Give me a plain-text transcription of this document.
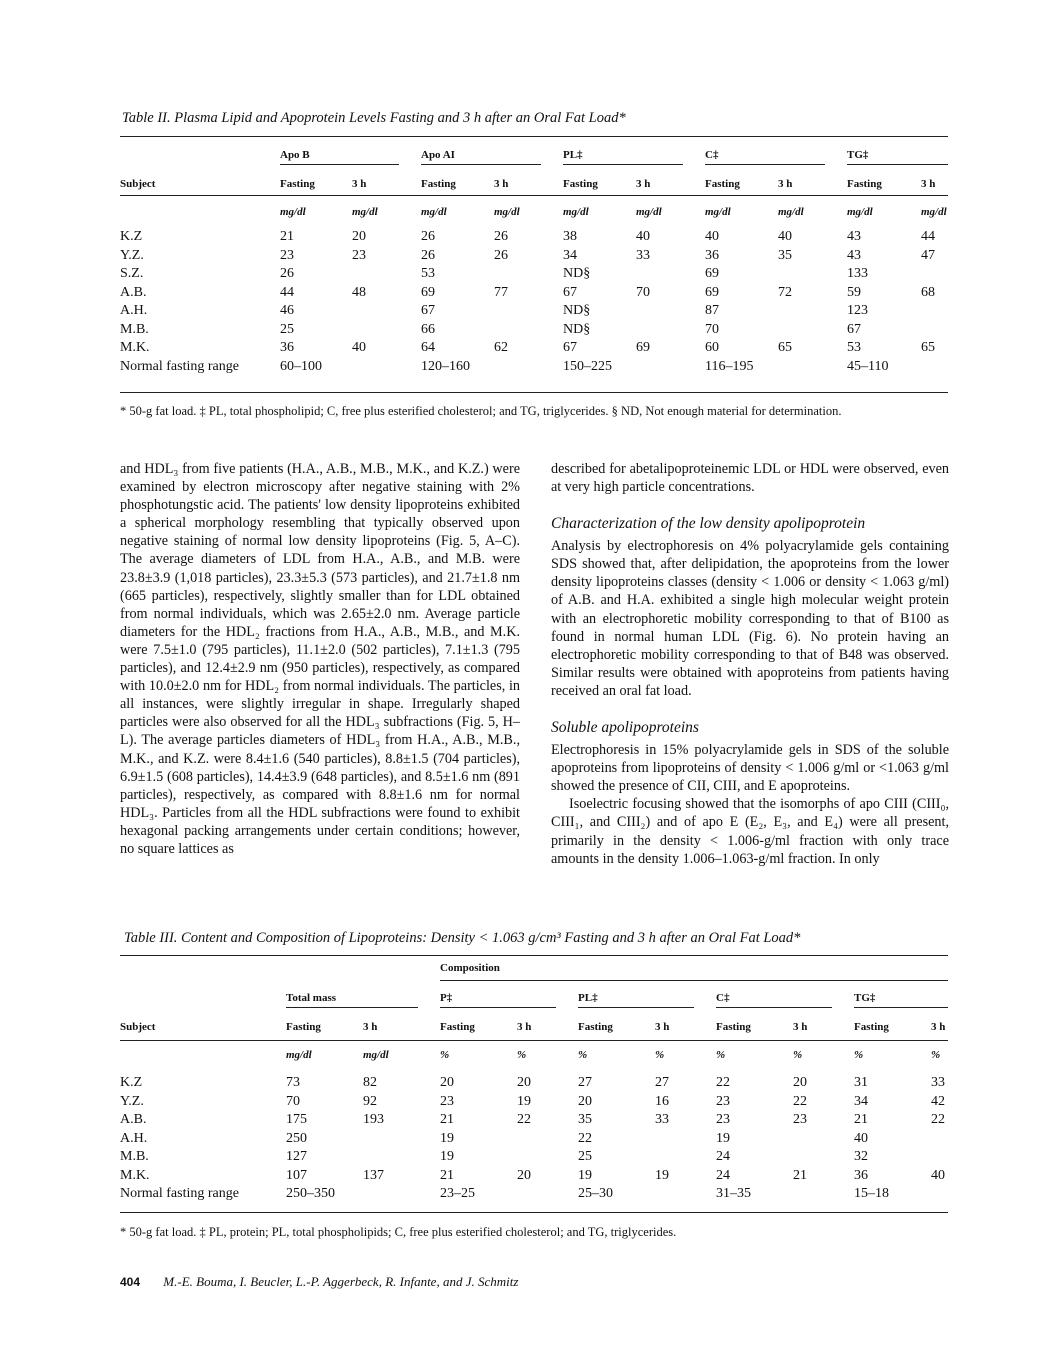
Table II. Plasma Lipid and Apoprotein Levels Fasting and 3 h after an Oral Fat Load*

	Apo B		Apo AI		PL‡		C‡		TG‡	

Subject	Fasting	3 h	Fasting	3 h	Fasting	3 h	Fasting	3 h	Fasting	3 h
	mg/dl	mg/dl	mg/dl	mg/dl	mg/dl	mg/dl	mg/dl	mg/dl	mg/dl	mg/dl

K.Z	21	20	26	26	38	40	40	40	43	44
Y.Z.	23	23	26	26	34	33	36	35	43	47
S.Z.	26		53		ND§		69		133	
A.B.	44	48	69	77	67	70	69	72	59	68
A.H.	46		67		ND§		87		123	
M.B.	25		66		ND§		70		67	
M.K.	36	40	64	62	67	69	60	65	53	65
Normal fasting range	60–100		120–160		150–225		116–195		45–110	
* 50-g fat load. ‡ PL, total phospholipid; C, free plus esterified cholesterol; and TG, triglycerides. § ND, Not enough material for determination.

and HDL₃ from five patients (H.A., A.B., M.B., M.K., and K.Z.) were examined by electron microscopy after negative staining with 2% phosphotungstic acid. The patients' low density lipoproteins exhibited a spherical morphology resembling that typically observed upon negative staining of normal low density lipoproteins (Fig. 5, A–C). The average diameters of LDL from H.A., A.B., and M.B. were 23.8±3.9 (1,018 particles), 23.3±5.3 (573 particles), and 21.7±1.8 nm (665 particles), respectively, slightly smaller than for LDL obtained from normal individuals, which was 2.65±2.0 nm. Average particle diameters for the HDL₂ fractions from H.A., A.B., M.B., and M.K. were 7.5±1.0 (795 particles), 11.1±2.0 (502 particles), 7.1±1.3 (795 particles), and 12.4±2.9 nm (950 particles), respectively, as compared with 10.0±2.0 nm for HDL₂ from normal individuals. The particles, in all instances, were slightly irregular in shape. Irregularly shaped particles were also observed for all the HDL₃ subfractions (Fig. 5, H–L). The average particles diameters of HDL₃ from H.A., A.B., M.B., M.K., and K.Z. were 8.4±1.6 (540 particles), 8.8±1.5 (704 particles), 6.9±1.5 (608 particles), 14.4±3.9 (648 particles), and 8.5±1.6 nm (891 particles), respectively, as compared with 8.8±1.6 nm for normal HDL₃. Particles from all the HDL subfractions were found to exhibit hexagonal packing arrangements under certain conditions; however, no square lattices as

described for abetalipoproteinemic LDL or HDL were observed, even at very high particle concentrations.

Characterization of the low density apolipoprotein

Analysis by electrophoresis on 4% polyacrylamide gels containing SDS showed that, after delipidation, the apoproteins from the lower density lipoproteins classes (density < 1.006 or density < 1.063 g/ml) of A.B. and H.A. exhibited a single high molecular weight protein with an electrophoretic mobility corresponding to that of B100 as found in normal human LDL (Fig. 6). No protein having an electrophoretic mobility corresponding to that of B48 was observed. Similar results were obtained with apoproteins from patients having received an oral fat load.

Soluble apolipoproteins

Electrophoresis in 15% polyacrylamide gels in SDS of the soluble apoproteins from lipoproteins of density < 1.006 g/ml or <1.063 g/ml showed the presence of CII, CIII, and E apoproteins.

Isoelectric focusing showed that the isomorphs of apo CIII (CIII₀, CIII₁, and CIII₂) and of apo E (E₂, E₃, and E₄) were all present, primarily in the density < 1.006-g/ml fraction with only trace amounts in the density 1.006–1.063-g/ml fraction. In only

Table III. Content and Composition of Lipoproteins: Density < 1.063 g/cm³ Fasting and 3 h after an Oral Fat Load*
Composition

	Total mass		P‡		PL‡		C‡		TG‡	

Subject	Fasting	3 h	Fasting	3 h	Fasting	3 h	Fasting	3 h	Fasting	3 h
	mg/dl	mg/dl	%	%	%	%	%	%	%	%

K.Z	73	82	20	20	27	27	22	20	31	33
Y.Z.	70	92	23	19	20	16	23	22	34	42
A.B.	175	193	21	22	35	33	23	23	21	22
A.H.	250		19		22		19		40	
M.B.	127		19		25		24		32	
M.K.	107	137	21	20	19	19	24	21	36	40
Normal fasting range	250–350		23–25		25–30		31–35		15–18	
* 50-g fat load. ‡ PL, protein; PL, total phospholipids; C, free plus esterified cholesterol; and TG, triglycerides.
404 M.-E. Bouma, I. Beucler, L.-P. Aggerbeck, R. Infante, and J. Schmitz
